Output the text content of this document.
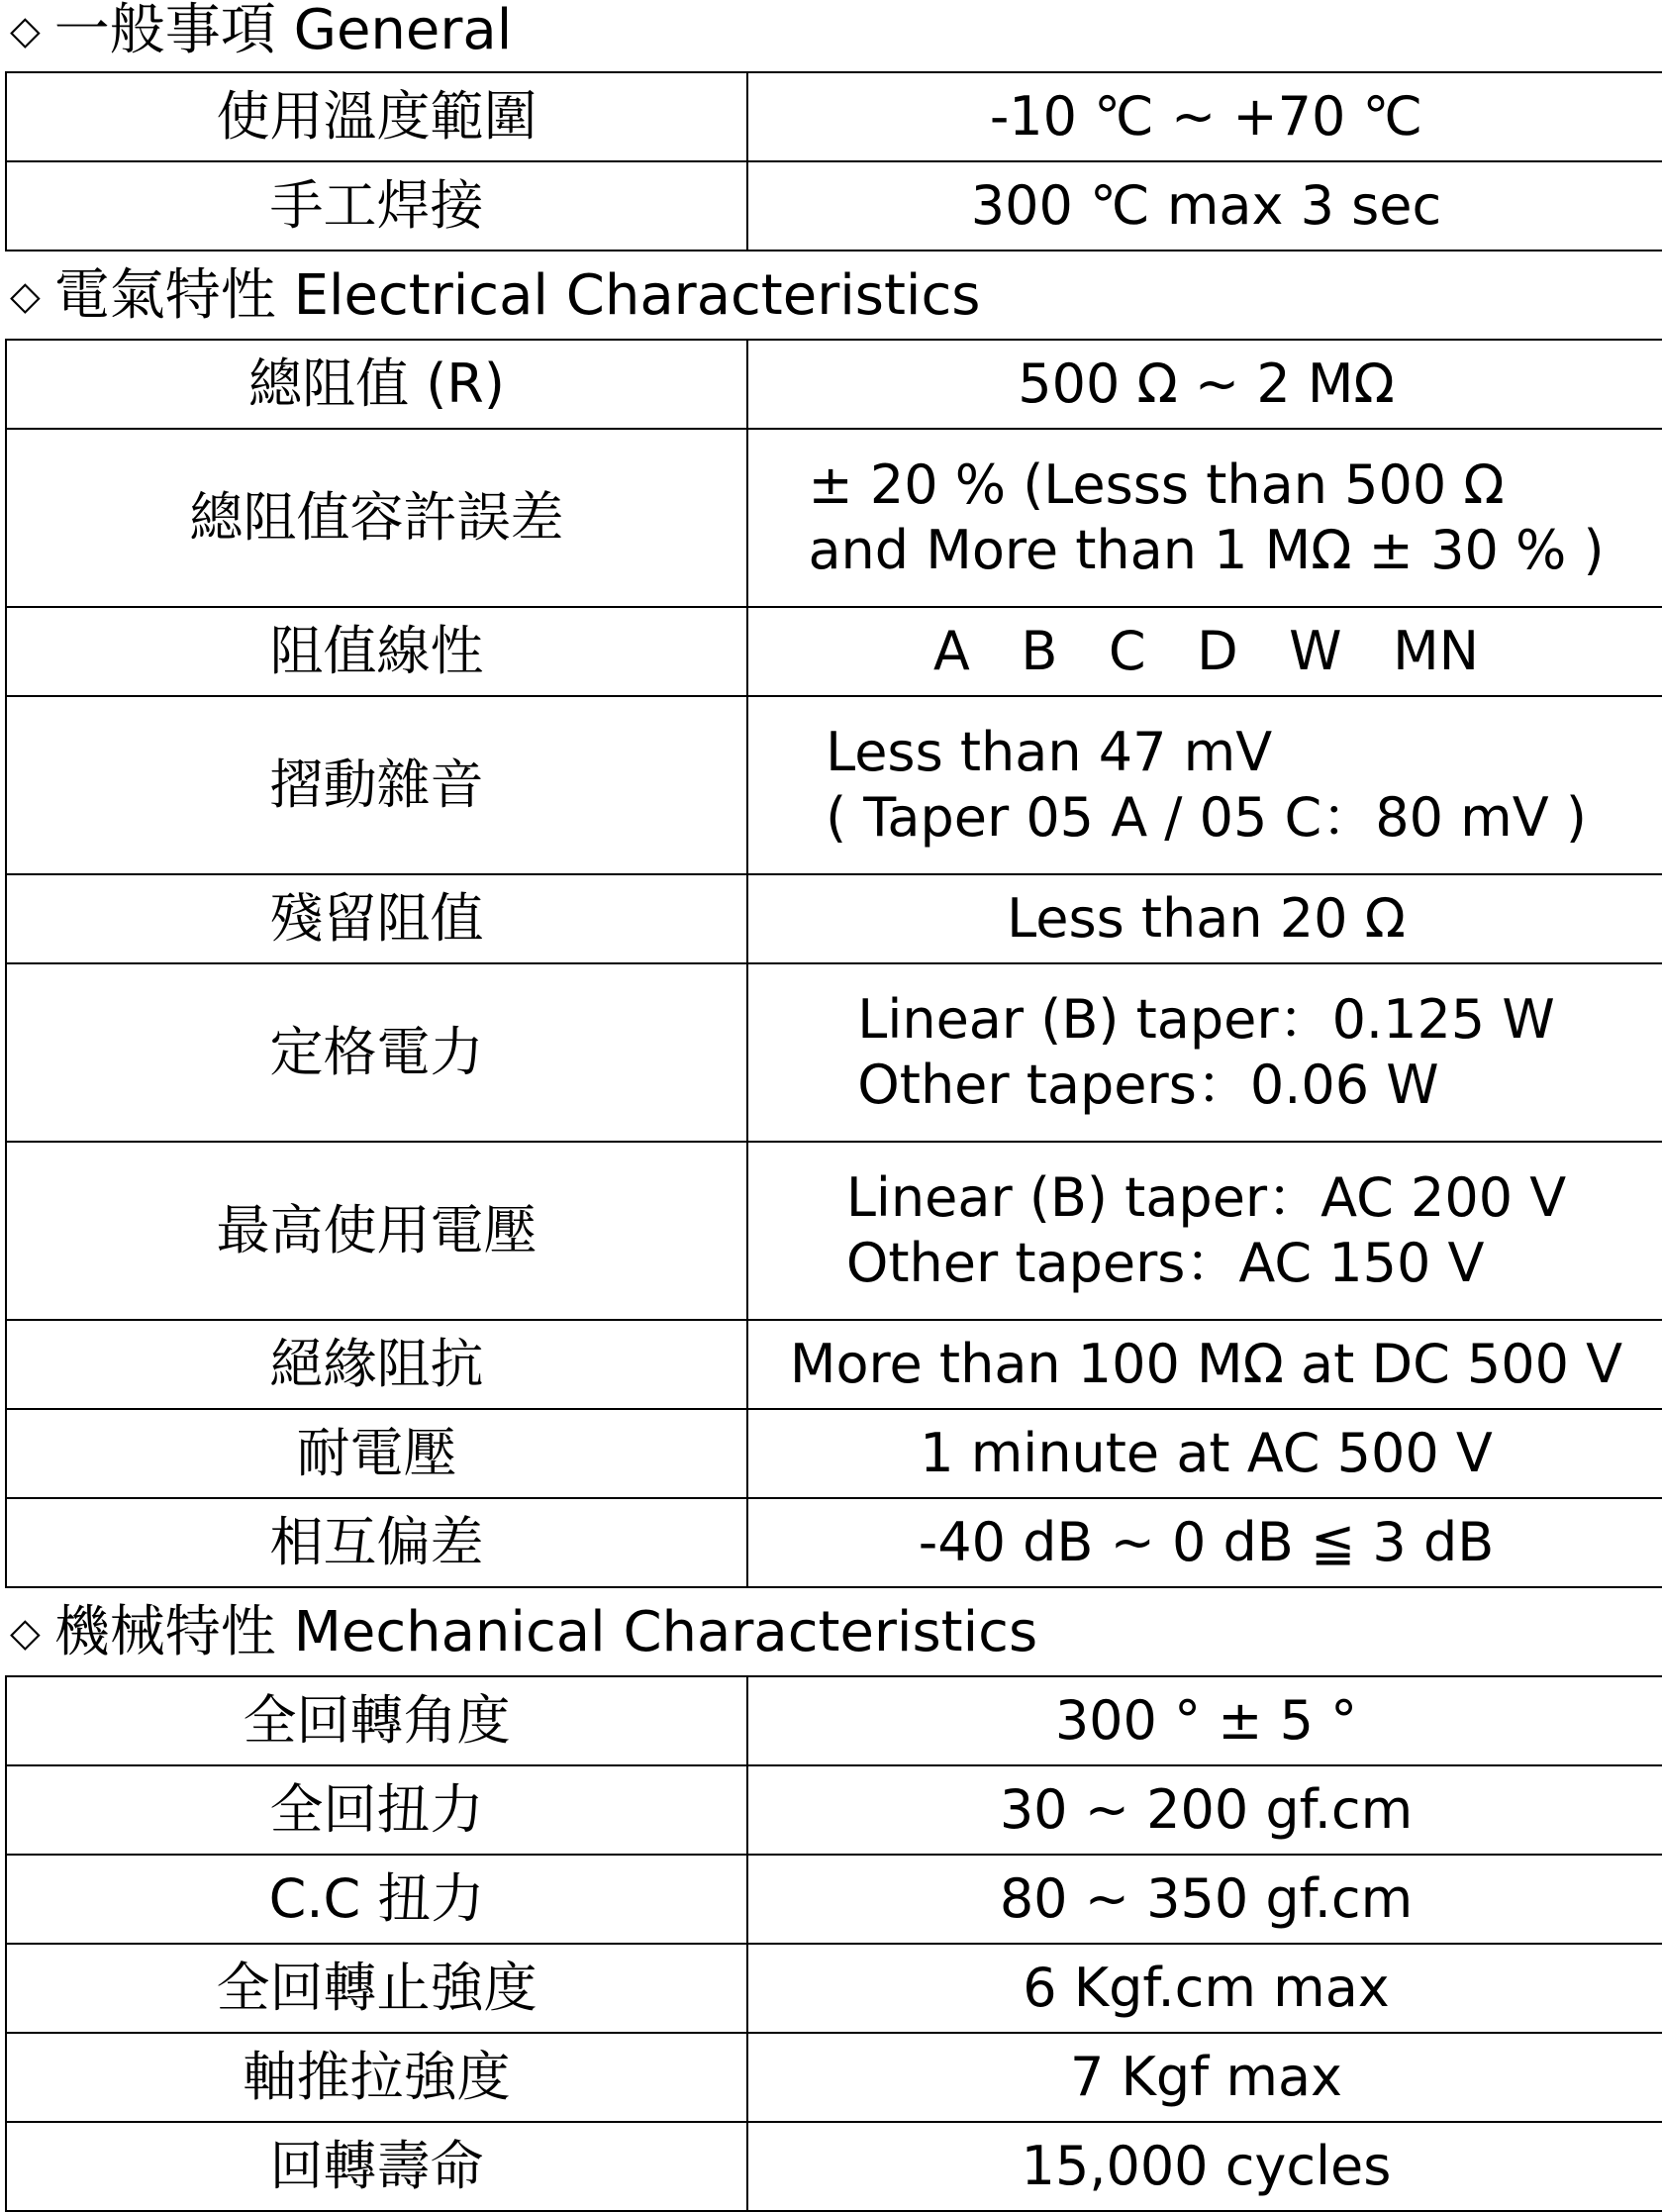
◇ 一般事項 General
使用溫度範圍	-10 ℃ ~ +70 ℃
手工焊接	300 ℃ max 3 sec
◇ 電氣特性 Electrical Characteristics
總阻值 (R)	500 Ω ~ 2 MΩ
總阻值容許誤差	± 20 % (Lesss than 500 Ω
and More than 1 MΩ ± 30 % )

阻值線性	A   B   C   D   W   MN
摺動雜音	Less than 47 mV
( Taper 05 A / 05 C：80 mV )

殘留阻值	Less than 20 Ω
定格電力	Linear (B) taper：0.125 W
Other tapers：0.06 W

最高使用電壓	Linear (B) taper：AC 200 V
Other tapers：AC 150 V

絕緣阻抗	More than 100 MΩ at DC 500 V
耐電壓	1 minute at AC 500 V
相互偏差	-40 dB ~ 0 dB ≦ 3 dB
◇ 機械特性 Mechanical Characteristics
全回轉角度	300 ° ± 5 °
全回扭力	30 ~ 200 gf.cm
C.C 扭力	80 ~ 350 gf.cm
全回轉止強度	6 Kgf.cm max
軸推拉強度	7 Kgf max
回轉壽命	15,000 cycles
